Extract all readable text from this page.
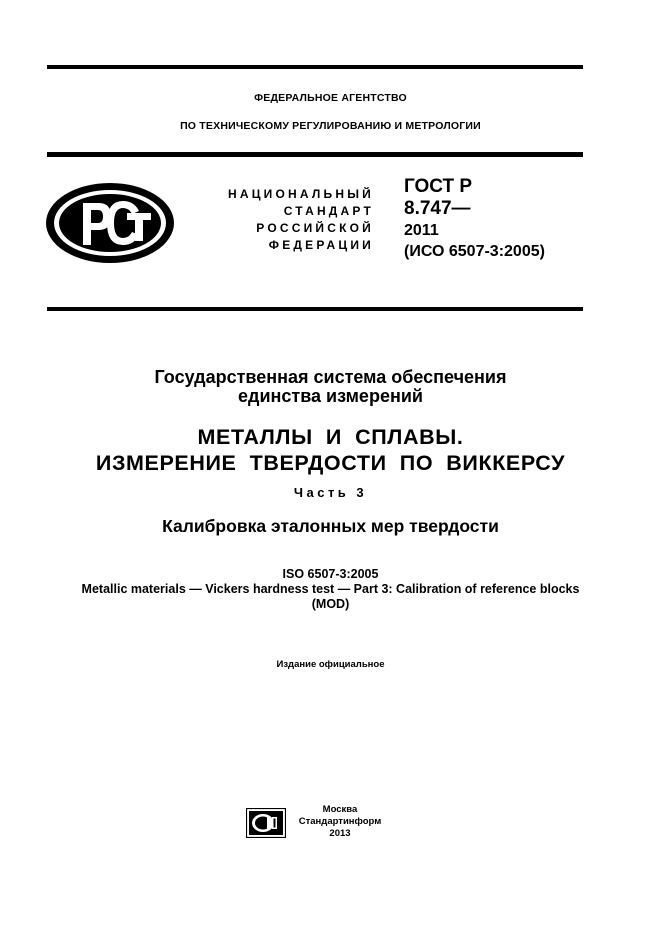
ФЕДЕРАЛЬНОЕ АГЕНТСТВО
ПО ТЕХНИЧЕСКОМУ РЕГУЛИРОВАНИЮ И МЕТРОЛОГИИ
НАЦИОНАЛЬНЫЙ
СТАНДАРТ
РОССИЙСКОЙ
ФЕДЕРАЦИИ
ГОСТ Р
8.747—
2011
(ИСО 6507-3:2005)
Государственная система обеспечения
единства измерений
МЕТАЛЛЫ  И  СПЛАВЫ.
ИЗМЕРЕНИЕ  ТВЕРДОСТИ  ПО  ВИККЕРСУ
Часть 3
Калибровка эталонных мер твердости
ISO 6507-3:2005
Metallic materials — Vickers hardness test — Part 3: Calibration of reference blocks
(MOD)
Издание официальное
Москва
Стандартинформ
2013
